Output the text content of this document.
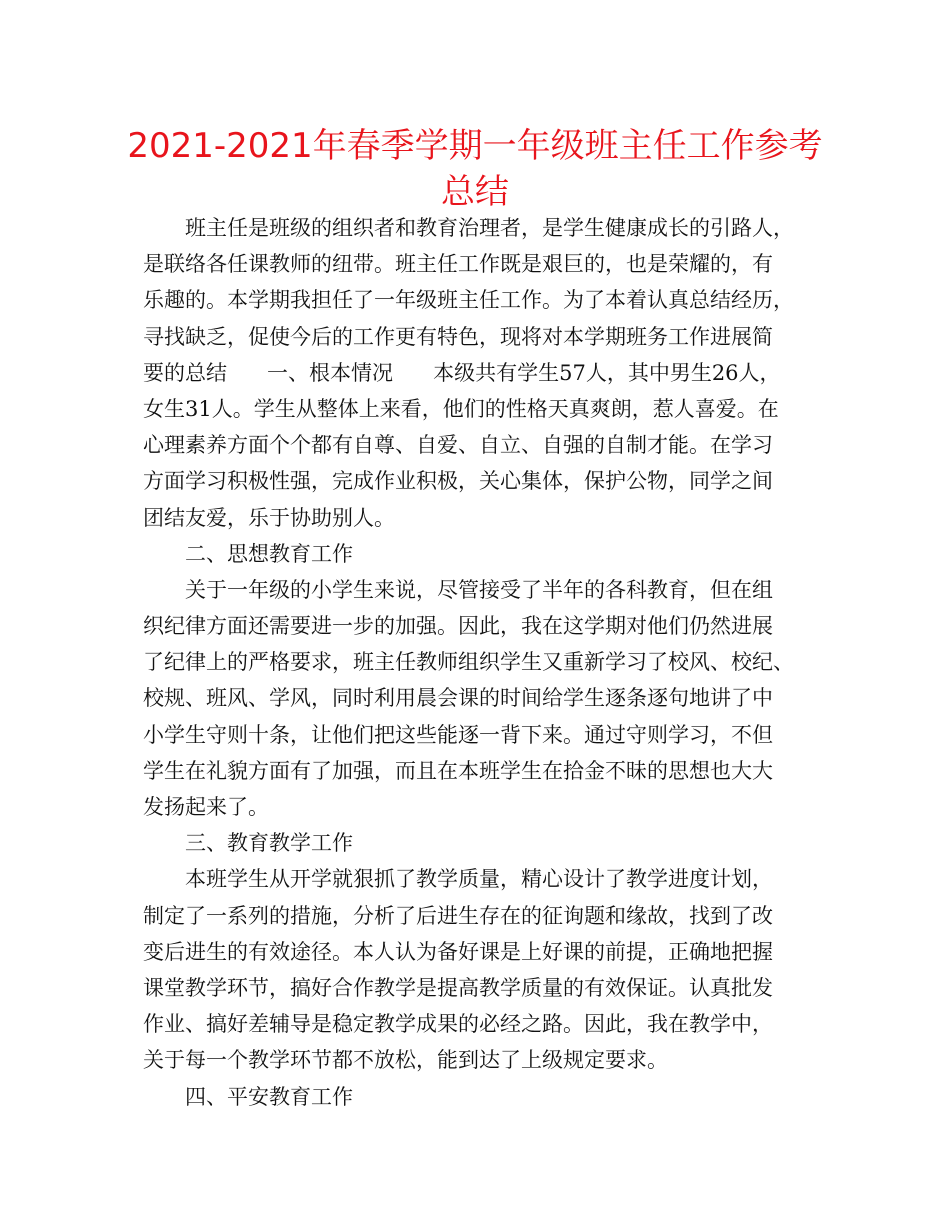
2021-2021年春季学期一年级班主任工作参考
总结
班主任是班级的组织者和教育治理者，是学生健康成长的引路人，
是联络各任课教师的纽带。班主任工作既是艰巨的，也是荣耀的，有
乐趣的。本学期我担任了一年级班主任工作。为了本着认真总结经历，
寻找缺乏，促使今后的工作更有特色，现将对本学期班务工作进展简
要的总结      一、根本情况      本级共有学生57人，其中男生26人，
女生31人。学生从整体上来看，他们的性格天真爽朗，惹人喜爱。在
心理素养方面个个都有自尊、自爱、自立、自强的自制才能。在学习
方面学习积极性强，完成作业积极，关心集体，保护公物，同学之间
团结友爱，乐于协助别人。
二、思想教育工作
关于一年级的小学生来说，尽管接受了半年的各科教育，但在组
织纪律方面还需要进一步的加强。因此，我在这学期对他们仍然进展
了纪律上的严格要求，班主任教师组织学生又重新学习了校风、校纪、
校规、班风、学风，同时利用晨会课的时间给学生逐条逐句地讲了中
小学生守则十条，让他们把这些能逐一背下来。通过守则学习，不但
学生在礼貌方面有了加强，而且在本班学生在拾金不昧的思想也大大
发扬起来了。
三、教育教学工作
本班学生从开学就狠抓了教学质量，精心设计了教学进度计划，
制定了一系列的措施，分析了后进生存在的征询题和缘故，找到了改
变后进生的有效途径。本人认为备好课是上好课的前提，正确地把握
课堂教学环节，搞好合作教学是提高教学质量的有效保证。认真批发
作业、搞好差辅导是稳定教学成果的必经之路。因此，我在教学中，
关于每一个教学环节都不放松，能到达了上级规定要求。
四、平安教育工作
